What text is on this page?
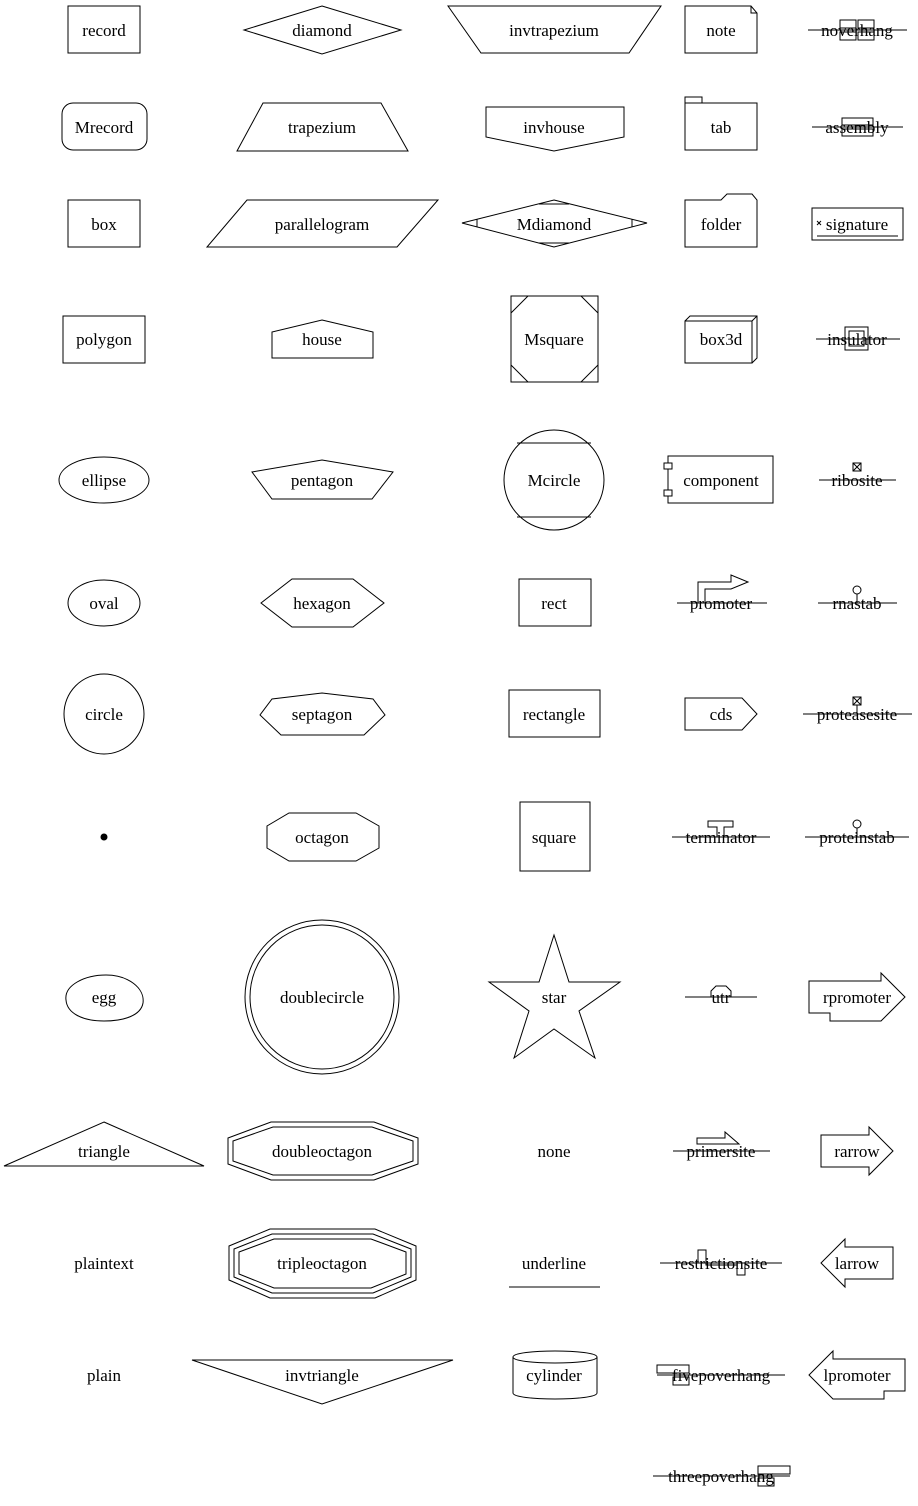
record
Mrecord
box
polygon
ellipse
oval
circle
egg
triangle
plaintext
plain
diamond
trapezium
parallelogram
house
pentagon
hexagon
septagon
octagon
doublecircle
doubleoctagon
tripleoctagon
invtriangle
invtrapezium
invhouse
Mdiamond
Msquare
Mcircle
rect
rectangle
square
star
none
underline
cylinder
note
tab
folder
box3d
component
promoter
cds
terminator
utr
primersite
restrictionsite
fivepoverhang
threepoverhang
noverhang
assembly
signature
insulator
ribosite
rnastab
proteasesite
proteinstab
rpromoter
rarrow
larrow
lpromoter
